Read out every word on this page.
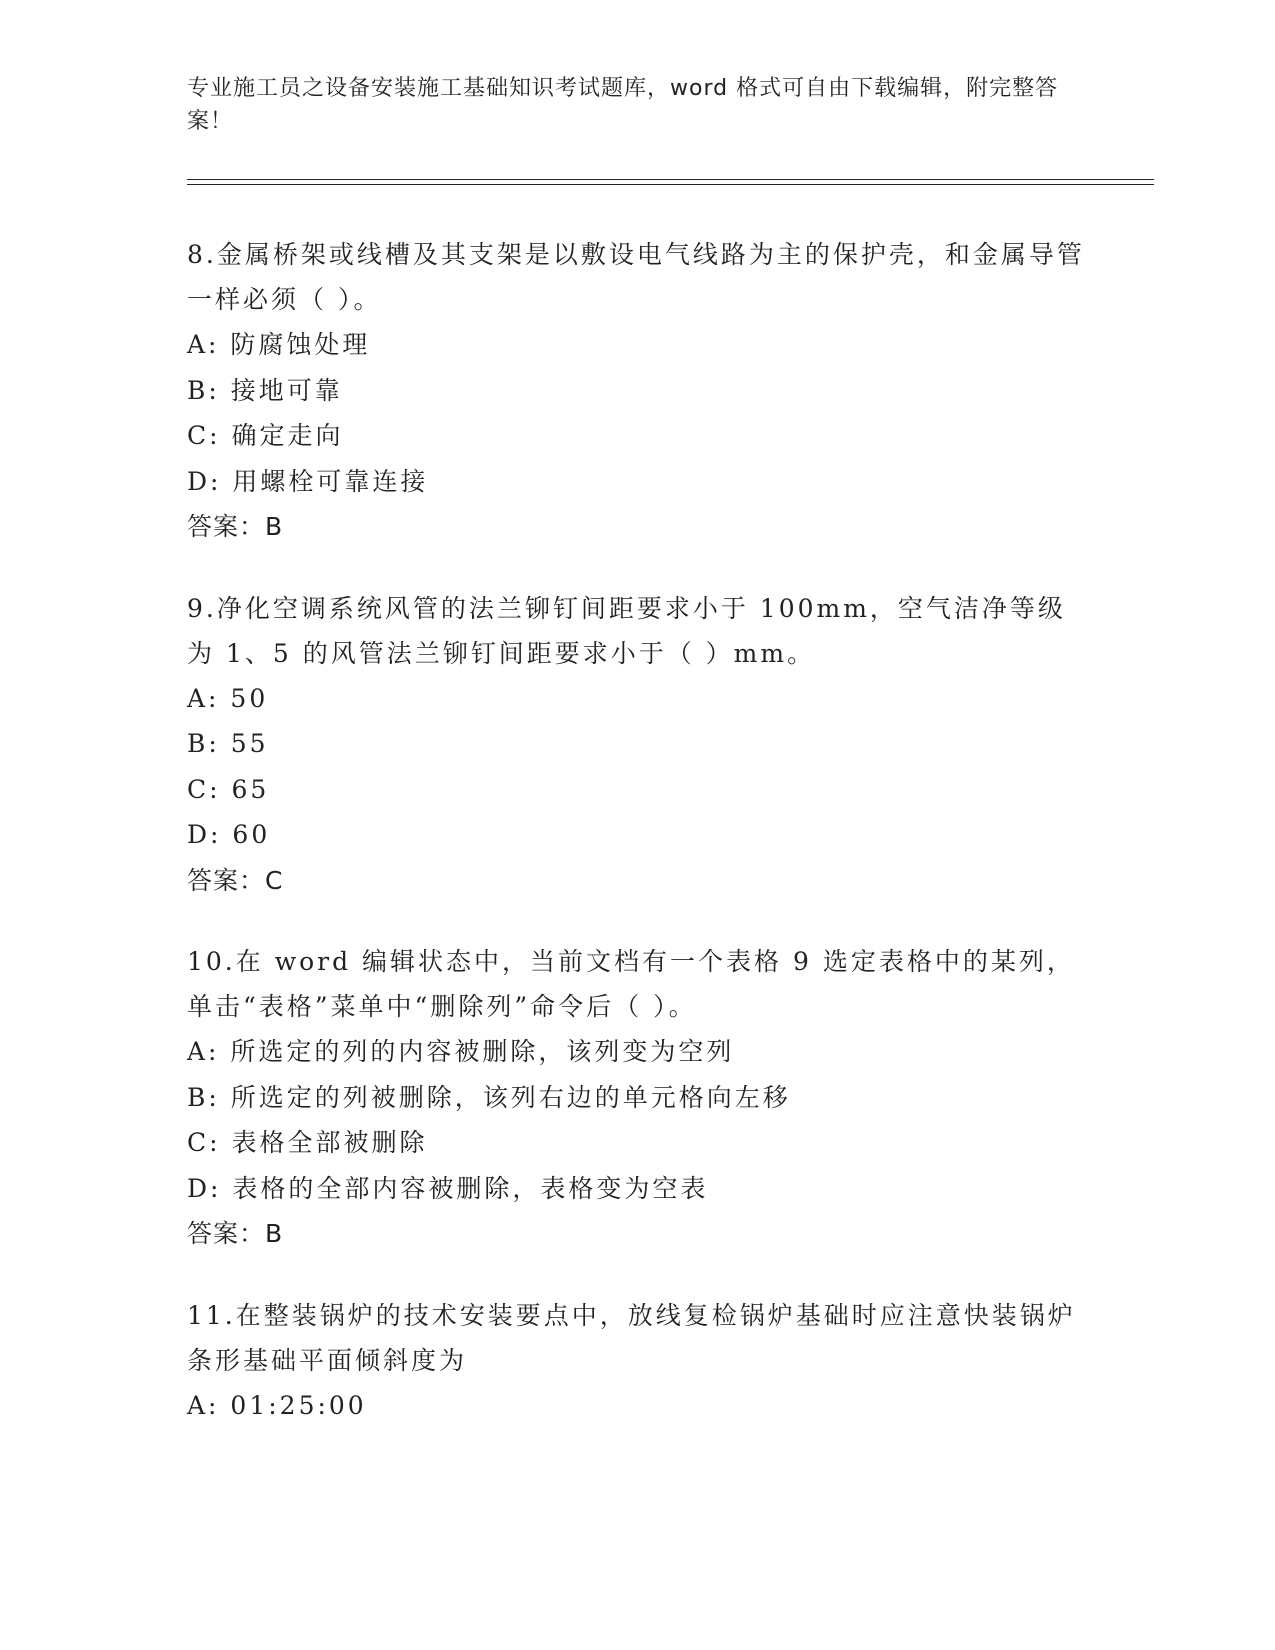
专业施工员之设备安装施工基础知识考试题库，word 格式可自由下载编辑，附完整答案！
8.金属桥架或线槽及其支架是以敷设电气线路为主的保护壳，和金属导管一样必须（ ）。
A: 防腐蚀处理
B: 接地可靠
C: 确定走向
D: 用螺栓可靠连接
答案：B
9.净化空调系统风管的法兰铆钉间距要求小于 100mm，空气洁净等级为 1、5 的风管法兰铆钉间距要求小于（ ）mm。
A: 50
B: 55
C: 65
D: 60
答案：C
10.在 word 编辑状态中，当前文档有一个表格 9 选定表格中的某列，单击“表格”菜单中“删除列”命令后（ ）。
A: 所选定的列的内容被删除，该列变为空列
B: 所选定的列被删除，该列右边的单元格向左移
C: 表格全部被删除
D: 表格的全部内容被删除，表格变为空表
答案：B
11.在整装锅炉的技术安装要点中，放线复检锅炉基础时应注意快装锅炉条形基础平面倾斜度为
A: 01:25:00
